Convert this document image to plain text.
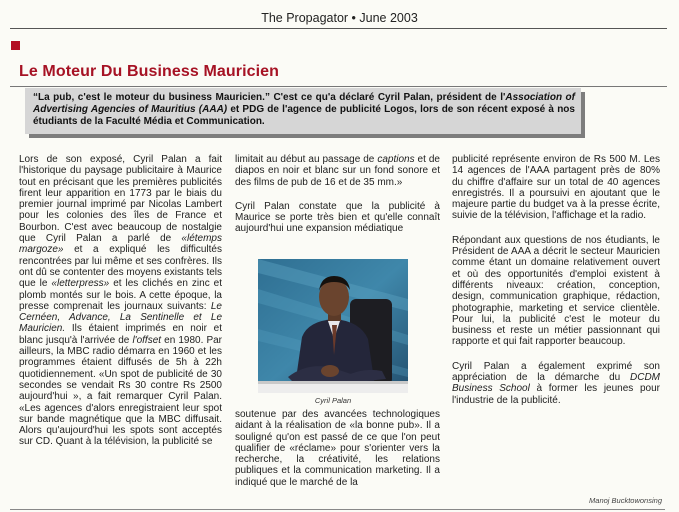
The Propagator • June 2003
Le Moteur Du Business Mauricien

“La pub, c'est le moteur du business Mauricien.” C'est ce qu'a déclaré Cyril Palan, président de l'Association of Advertising Agencies of Mauritius (AAA) et PDG de l'agence de publicité Logos, lors de son récent exposé à nos étudiants de la Faculté Média et Communication.

Lors de son exposé, Cyril Palan a fait l'historique du paysage publicitaire à Maurice tout en précisant que les premières publicités firent leur apparition en 1773 par le biais du premier journal imprimé par Nicolas Lambert pour les colonies des îles de France et Bourbon. C'est avec beaucoup de nostalgie que Cyril Palan a parlé de «létemps margoze» et a expliqué les difficultés rencontrées par lui même et ses confrères. Ils ont dû se contenter des moyens existants tels que le «letterpress» et les clichés en zinc et plomb montés sur le bois. A cette époque, la presse comprenait les journaux suivants: Le Cernéen, Advance, La Sentinelle et Le Mauricien. Ils étaient imprimés en noir et blanc jusqu'à l'arrivée de l'offset en 1980. Par ailleurs, la MBC radio démarra en 1960 et les programmes étaient diffusés de 5h à 22h quotidiennement. «Un spot de publicité de 30 secondes se vendait Rs 30 contre Rs 2500 aujourd'hui », a fait remarquer Cyril Palan. «Les agences d'alors enregistraient leur spot sur bande magnétique que la MBC diffusait. Alors qu'aujourd'hui les spots sont acceptés sur CD. Quant à la télévision, la publicité se

limitait au début au passage de captions et de diapos en noir et blanc sur un fond sonore et des films de pub de 16 et de 35 mm.»

Cyril Palan constate que la publicité à Maurice se porte très bien et qu'elle connaît aujourd'hui une expansion médiatique

soutenue par des avancées technologiques aidant à la réalisation de «la bonne pub». Il a souligné qu'on est passé de ce que l'on peut qualifier de «réclame» pour s'orienter vers la recherche, la créativité, les relations publiques et la communication marketing. Il a indiqué que le marché de la

publicité représente environ de Rs 500 M. Les 14 agences de l'AAA partagent près de 80% du chiffre d'affaire sur un total de 40 agences enregistrés. Il a poursuivi en ajoutant que le majeure partie du budget va à la presse écrite, suivie de la télévision, l'affichage et la radio.

Répondant aux questions de nos étudiants, le Président de AAA a décrit le secteur Mauricien comme étant un domaine relativement ouvert et où des opportunités d'emploi existent à différents niveaux: création, conception, design, communication graphique, rédaction, photographie, marketing et service clientèle. Pour lui, la publicité c'est le moteur du business et reste un métier passionnant qui rapporte et qui fait rapporter beaucoup.

Cyril Palan a également exprimé son appréciation de la démarche du DCDM Business School à former les jeunes pour l'industrie de la publicité.

Cyril Palan
Manoj Bucktowonsing
